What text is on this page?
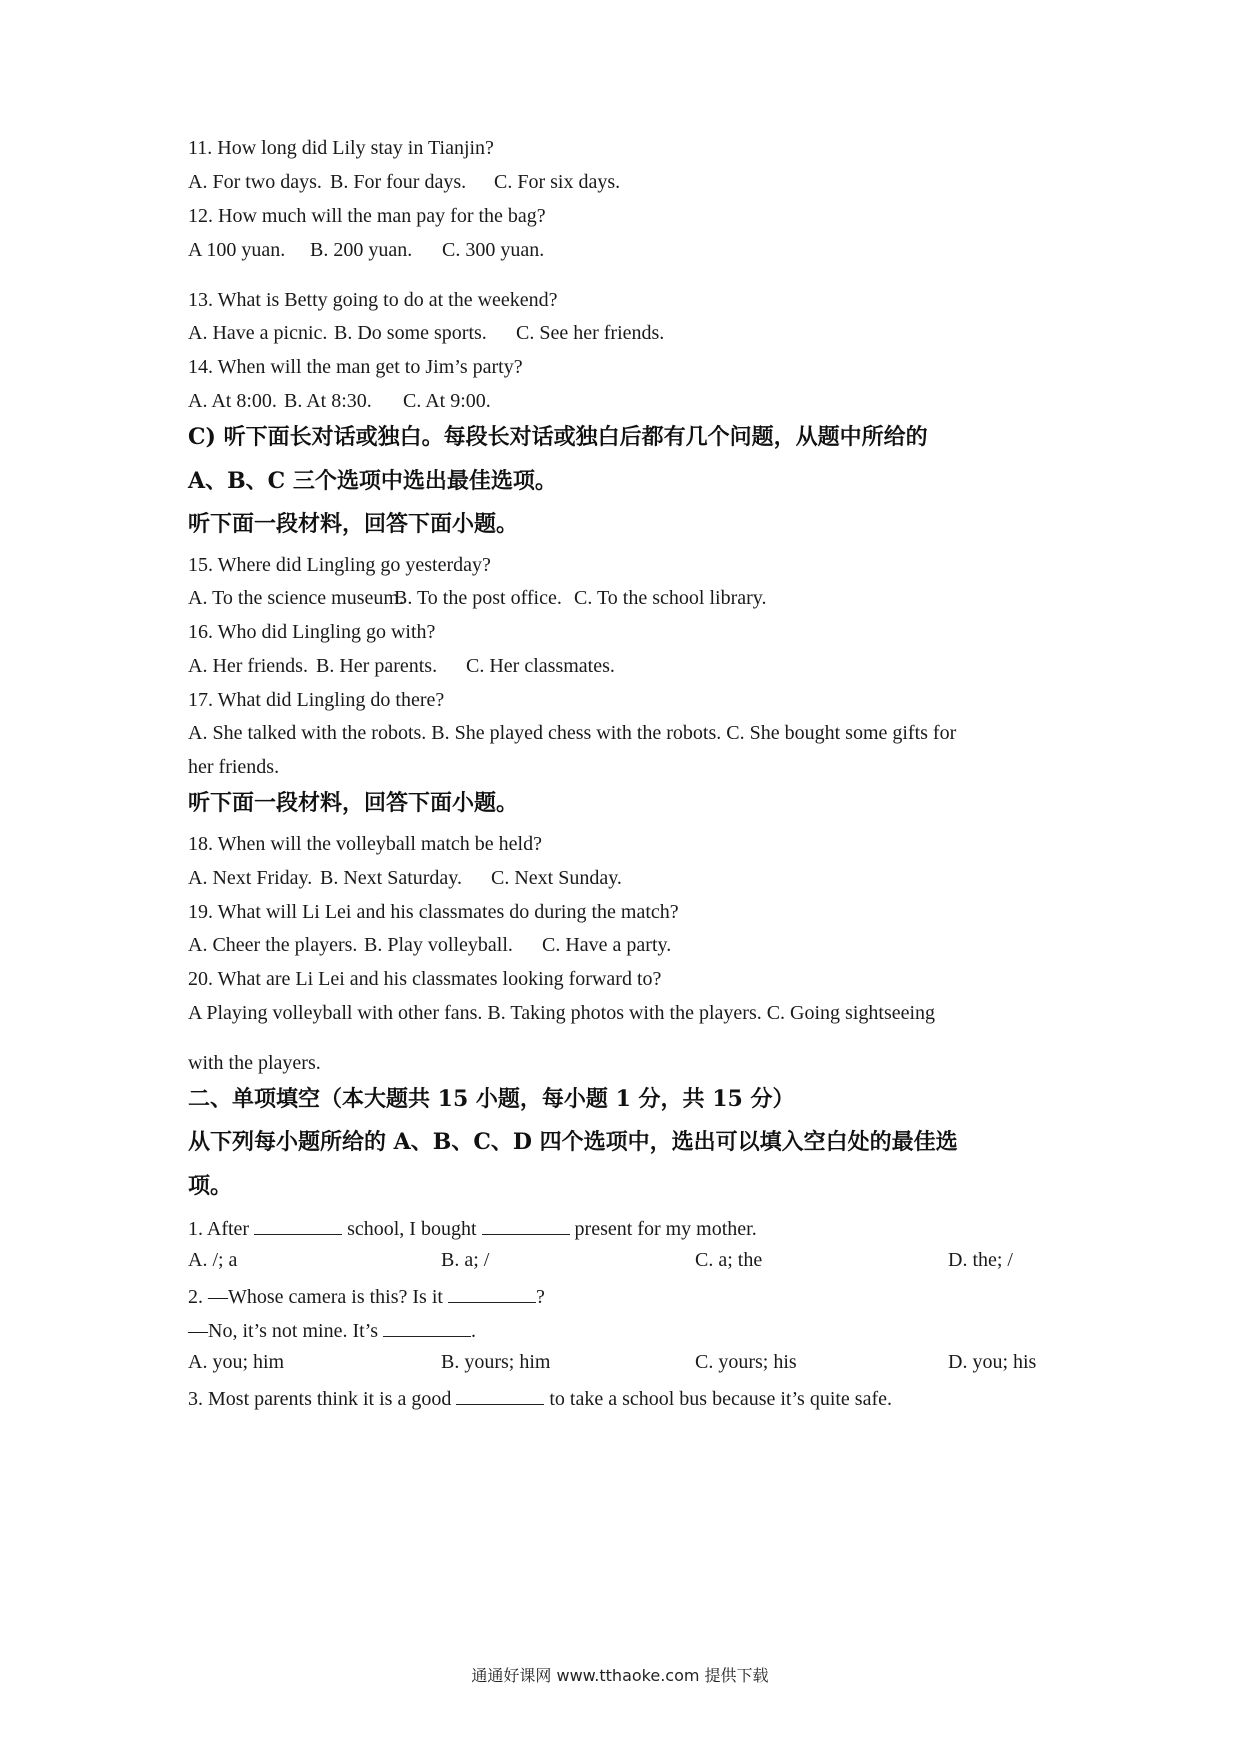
11. How long did Lily stay in Tianjin?
A. For two days. B. For four days. C. For six days.
12. How much will the man pay for the bag?
A 100 yuan. B. 200 yuan. C. 300 yuan.
13. What is Betty going to do at the weekend?
A. Have a picnic. B. Do some sports. C. See her friends.
14. When will the man get to Jim’s party?
A. At 8:00. B. At 8:30. C. At 9:00.
C) 听下面长对话或独白。每段长对话或独白后都有几个问题，从题中所给的
A、B、C 三个选项中选出最佳选项。
听下面一段材料，回答下面小题。
15. Where did Lingling go yesterday?
A. To the science museum.
B. To the post office. C. To the school library.
16. Who did Lingling go with?
A. Her friends. B. Her parents. C. Her classmates.
17. What did Lingling do there?
A. She talked with the robots. B. She played chess with the robots. C. She bought some gifts for
her friends.
听下面一段材料，回答下面小题。
18. When will the volleyball match be held?
A. Next Friday. B. Next Saturday. C. Next Sunday.
19. What will Li Lei and his classmates do during the match?
A. Cheer the players. B. Play volleyball. C. Have a party.
20. What are Li Lei and his classmates looking forward to?
A Playing volleyball with other fans. B. Taking photos with the players. C. Going sightseeing
with the players.
二、单项填空（本大题共 15 小题，每小题 1 分，共 15 分）
从下列每小题所给的 A、B、C、D 四个选项中，选出可以填入空白处的最佳选
项。
1. After	school, I bought	present for my mother.
A. /; a	B. a; /	C. a; the	D. the; /
2. —Whose camera is this? Is it	?
—No, it’s not mine. It’s	.
A. you; him	B. yours; him	C. yours; his	D. you; his
3. Most parents think it is a good	to take a school bus because it’s quite safe.
通通好课网 www.tthaoke.com 提供下载
